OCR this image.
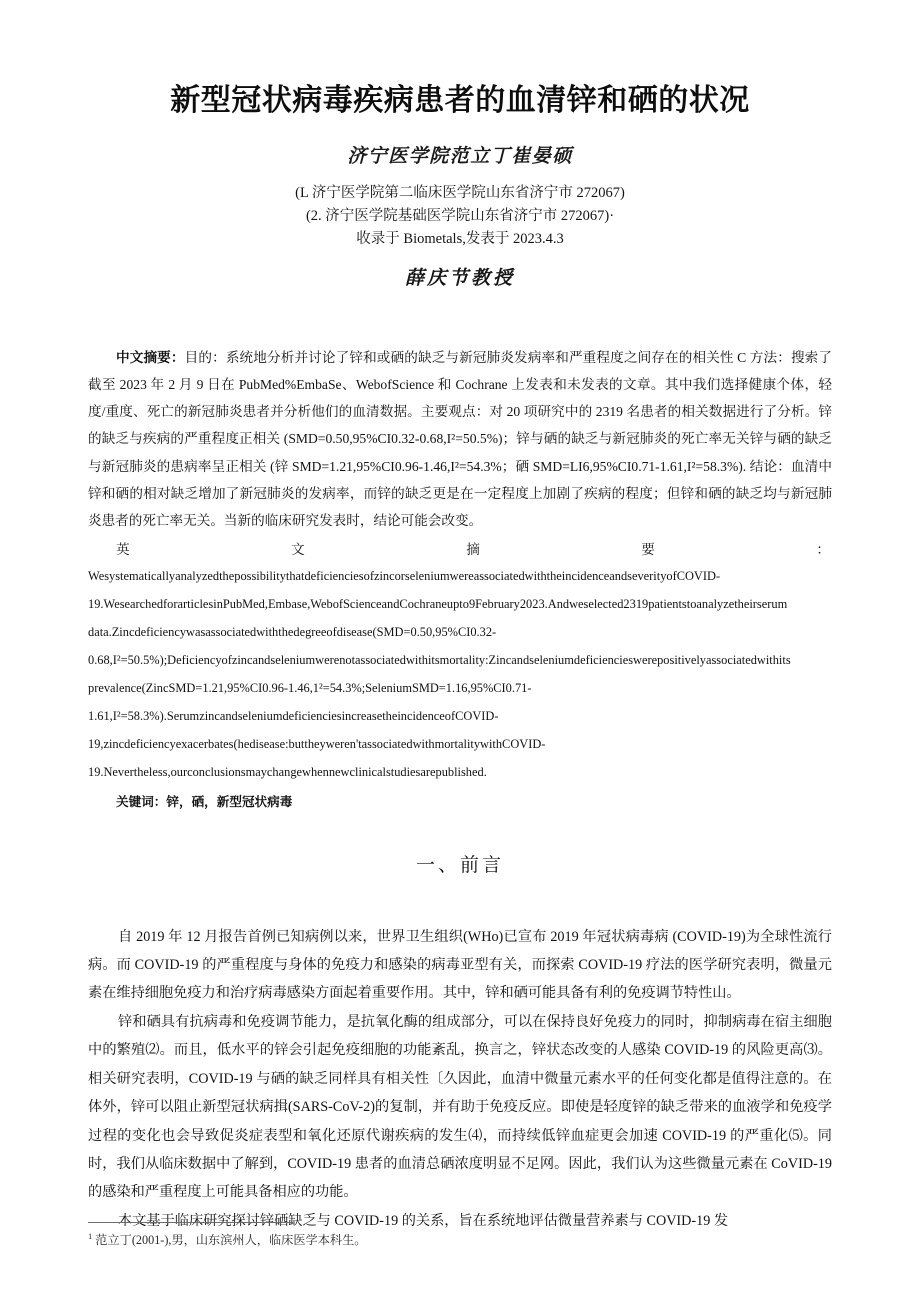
新型冠状病毒疾病患者的血清锌和硒的状况
济宁医学院范立丁崔晏硕
(L 济宁医学院第二临床医学院山东省济宁市 272067)
(2. 济宁医学院基础医学院山东省济宁市 272067)·
收录于 Biometals,发表于 2023.4.3
薛庆节教授
中文摘要：目的：系统地分析并讨论了锌和或硒的缺乏与新冠肺炎发病率和严重程度之间存在的相关性 C 方法：搜索了截至 2023 年 2 月 9 日在 PubMed%EmbaSe、WebofScience 和 Cochrane 上发表和未发表的文章。其中我们选择健康个体，轻度/重度、死亡的新冠肺炎患者并分析他们的血清数据。主要观点：对 20 项研究中的 2319 名患者的相关数据进行了分析。锌的缺乏与疾病的严重程度正相关 (SMD=0.50,95%CI0.32-0.68,I²=50.5%)；锌与硒的缺乏与新冠肺炎的死亡率无关锌与硒的缺乏与新冠肺炎的患病率呈正相关 (锌 SMD=1.21,95%CI0.96-1.46,I²=54.3%；硒 SMD=LI6,95%CI0.71-1.61,I²=58.3%). 结论：血清中锌和硒的相对缺乏增加了新冠肺炎的发病率，而锌的缺乏更是在一定程度上加剧了疾病的程度；但锌和硒的缺乏均与新冠肺炎患者的死亡率无关。当新的临床研究发表时，结论可能会改变。
英	文	摘	要	：
WesystematicallyanalyzedthepossibilitythatdeficienciesofzincorseleniumwereassociatedwiththeincidenceandseverityofCOVID-
19.WesearchedforarticlesinPubMed,Embase,WebofScienceandCochraneupto9February2023.Andweselected2319patientstoanalyzetheirserum
data.Zincdeficiencywasassociatedwiththedegreeofdisease(SMD=0.50,95%CI0.32-
0.68,I²=50.5%);Deficiencyofzincandseleniumwerenotassociatedwithitsmortality:Zincandseleniumdeficiencieswerepositivelyassociatedwithits
prevalence(ZincSMD=1.21,95%CI0.96-1.46,1²=54.3%;SeleniumSMD=1.16,95%CI0.71-
1.61,I²=58.3%).SerumzincandseleniumdeficienciesincreasetheincidenceofCOVID-
19,zincdeficiencyexacerbates(hedisease:buttheyweren'tassociatedwithmortalitywithCOVID-
19.Nevertheless,ourconclusionsmaychangewhennewclinicalstudiesarepublished.
关键词：锌，硒，新型冠状病毒
一、前言

自 2019 年 12 月报告首例已知病例以来，世界卫生组织(WHo)已宣布 2019 年冠状病毒病 (COVID-19)为全球性流行病。而 COVID-19 的严重程度与身体的免疫力和感染的病毒亚型有关，而探索 COVID-19 疗法的医学研究表明，微量元素在维持细胞免疫力和治疗病毒感染方面起着重要作用。其中，锌和硒可能具备有利的免疫调节特性山。

锌和硒具有抗病毒和免疫调节能力，是抗氧化酶的组成部分，可以在保持良好免疫力的同时，抑制病毒在宿主细胞中的繁殖⑵。而且，低水平的锌会引起免疫细胞的功能紊乱，换言之，锌状态改变的人感染 COVID-19 的风险更高⑶。相关研究表明，COVID-19 与硒的缺乏同样具有相关性〔久因此，血清中微量元素水平的任何变化都是值得注意的。在体外，锌可以阻止新型冠状病揖(SARS-CoV-2)的复制，并有助于免疫反应。即使是轻度锌的缺乏带来的血液学和免疫学过程的变化也会导致促炎症表型和氧化还原代谢疾病的发生⑷，而持续低锌血症更会加速 COVID-19 的严重化⑸。同时，我们从临床数据中了解到，COVID-19 患者的血清总硒浓度明显不足网。因此，我们认为这些微量元素在 CoVID-19 的感染和严重程度上可能具备相应的功能。

本文基于临床研究探讨锌硒缺乏与 COVID-19 的关系，旨在系统地评估微量营养素与 COVID-19 发

$^1$ 范立丁(2001-),男，山东滨州人，临床医学本科生。
